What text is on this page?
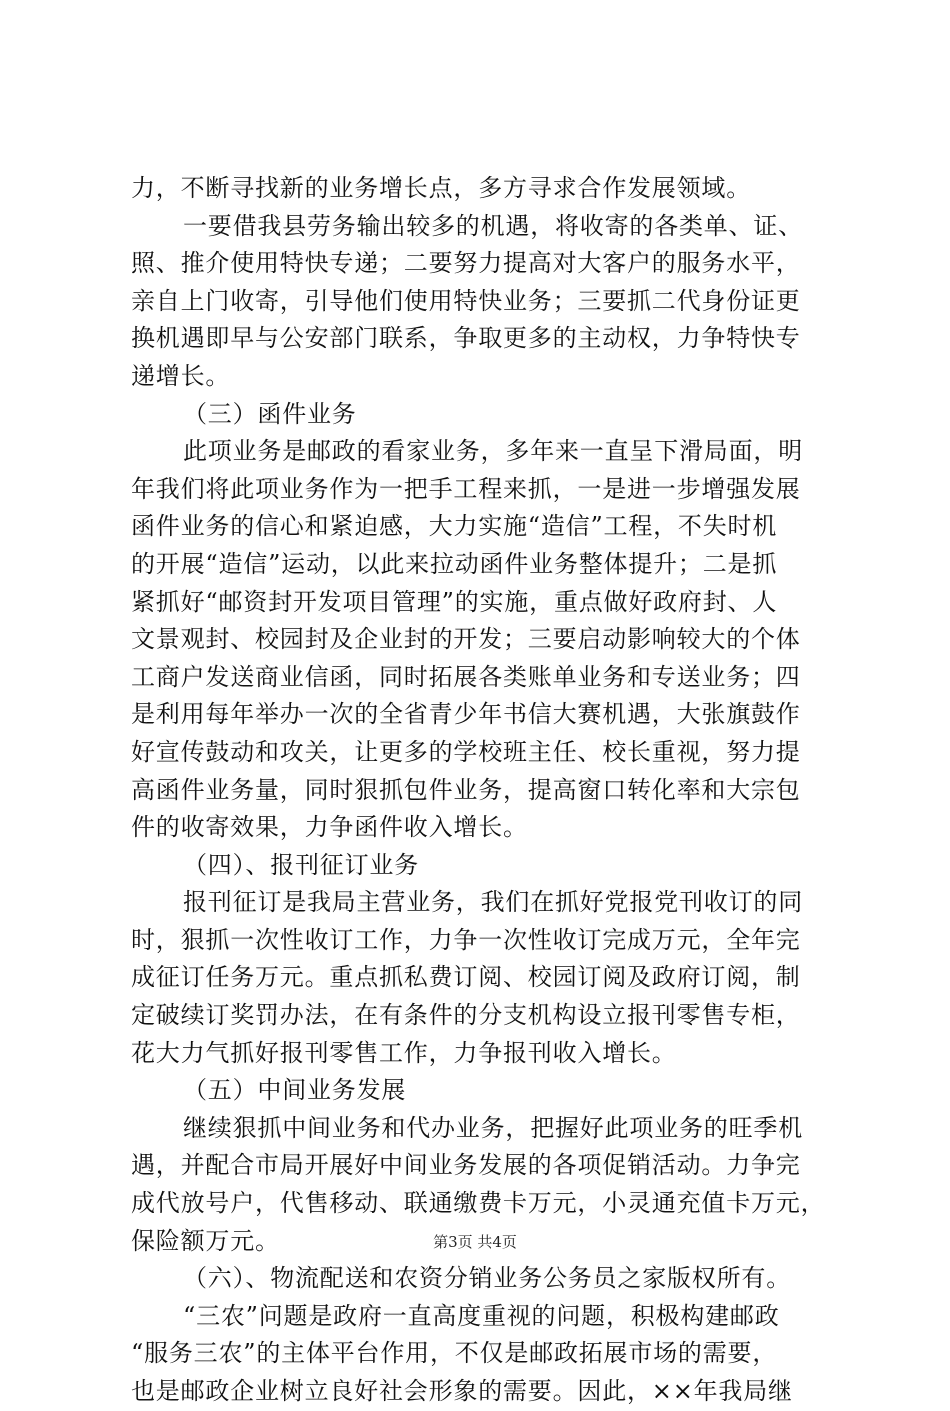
力，不断寻找新的业务增长点，多方寻求合作发展领域。
一要借我县劳务输出较多的机遇，将收寄的各类单、证、
照、推介使用特快专递；二要努力提高对大客户的服务水平，
亲自上门收寄，引导他们使用特快业务；三要抓二代身份证更
换机遇即早与公安部门联系，争取更多的主动权，力争特快专
递增长。
（三）函件业务
此项业务是邮政的看家业务，多年来一直呈下滑局面，明
年我们将此项业务作为一把手工程来抓，一是进一步增强发展
函件业务的信心和紧迫感，大力实施“造信”工程，不失时机
的开展“造信”运动，以此来拉动函件业务整体提升；二是抓
紧抓好“邮资封开发项目管理”的实施，重点做好政府封、人
文景观封、校园封及企业封的开发；三要启动影响较大的个体
工商户发送商业信函，同时拓展各类账单业务和专送业务；四
是利用每年举办一次的全省青少年书信大赛机遇，大张旗鼓作
好宣传鼓动和攻关，让更多的学校班主任、校长重视，努力提
高函件业务量，同时狠抓包件业务，提高窗口转化率和大宗包
件的收寄效果，力争函件收入增长。
（四）、报刊征订业务
报刊征订是我局主营业务，我们在抓好党报党刊收订的同
时，狠抓一次性收订工作，力争一次性收订完成万元，全年完
成征订任务万元。重点抓私费订阅、校园订阅及政府订阅，制
定破续订奖罚办法，在有条件的分支机构设立报刊零售专柜，
花大力气抓好报刊零售工作，力争报刊收入增长。
（五）中间业务发展
继续狠抓中间业务和代办业务，把握好此项业务的旺季机
遇，并配合市局开展好中间业务发展的各项促销活动。力争完
成代放号户，代售移动、联通缴费卡万元，小灵通充值卡万元，
保险额万元。
（六）、物流配送和农资分销业务公务员之家版权所有。
“三农”问题是政府一直高度重视的问题，积极构建邮政
“服务三农”的主体平台作用，不仅是邮政拓展市场的需要，
也是邮政企业树立良好社会形象的需要。因此，××年我局继
第3页 共4页
